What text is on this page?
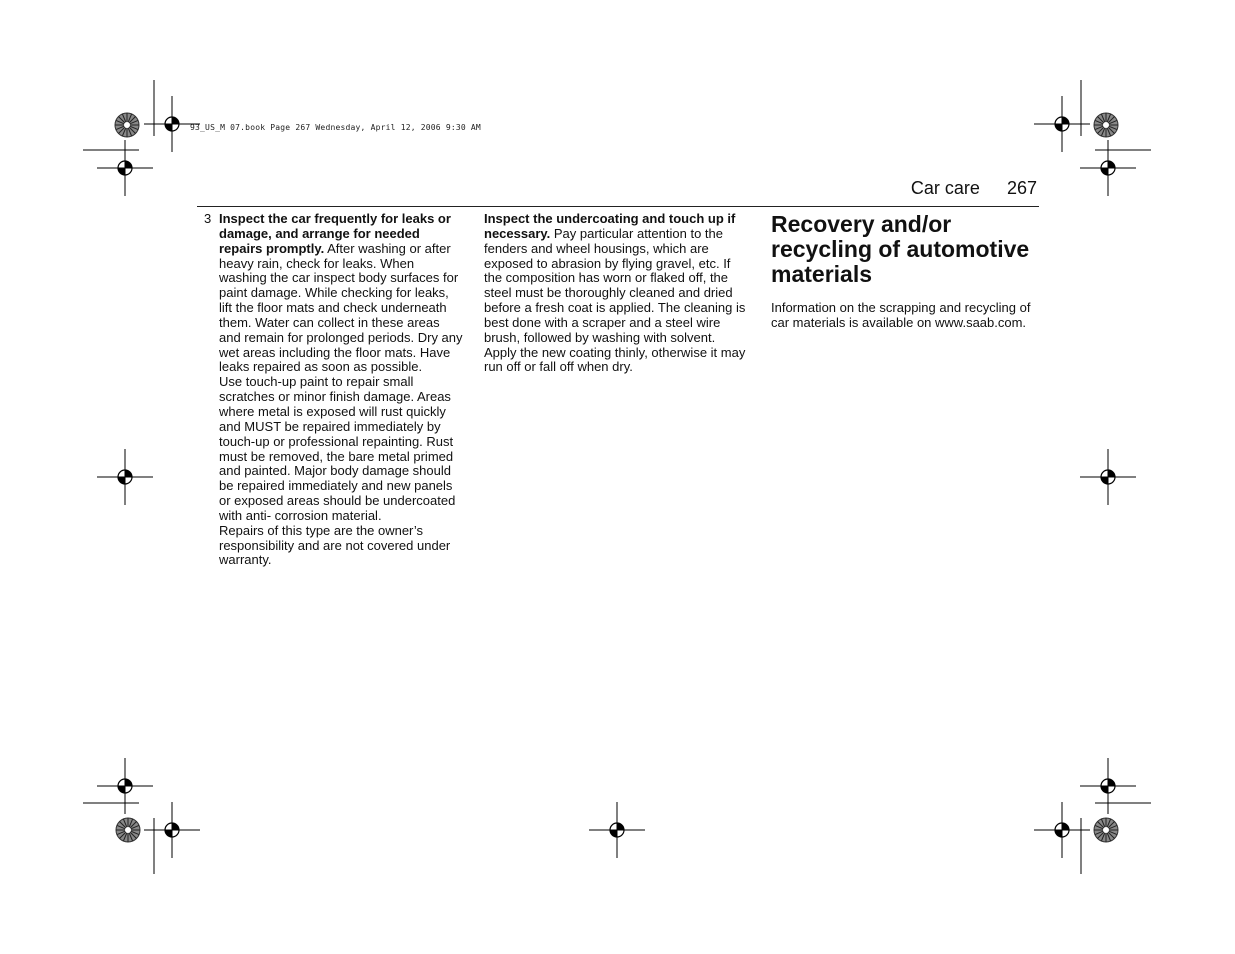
93_US_M 07.book Page 267 Wednesday, April 12, 2006 9:30 AM
Car care 267
3 Inspect the car frequently for leaks or damage, and arrange for needed repairs promptly. After washing or after heavy rain, check for leaks. When washing the car inspect body surfaces for paint damage. While checking for leaks, lift the floor mats and check underneath them. Water can collect in these areas and remain for prolonged periods. Dry any wet areas including the floor mats. Have leaks repaired as soon as possible.

Use touch-up paint to repair small scratches or minor finish damage. Areas where metal is exposed will rust quickly and MUST be repaired immediately by touch-up or professional repainting. Rust must be removed, the bare metal primed and painted. Major body damage should be repaired immediately and new panels or exposed areas should be undercoated with anti- corrosion material.

Repairs of this type are the owner’s responsibility and are not covered under warranty.

Inspect the undercoating and touch up if necessary. Pay particular attention to the fenders and wheel housings, which are exposed to abrasion by flying gravel, etc. If the composition has worn or flaked off, the steel must be thoroughly cleaned and dried before a fresh coat is applied. The cleaning is best done with a scraper and a steel wire brush, followed by washing with solvent. Apply the new coating thinly, otherwise it may run off or fall off when dry.

Recovery and/or recycling of automotive materials

Information on the scrapping and recycling of car materials is available on www.saab.com.
